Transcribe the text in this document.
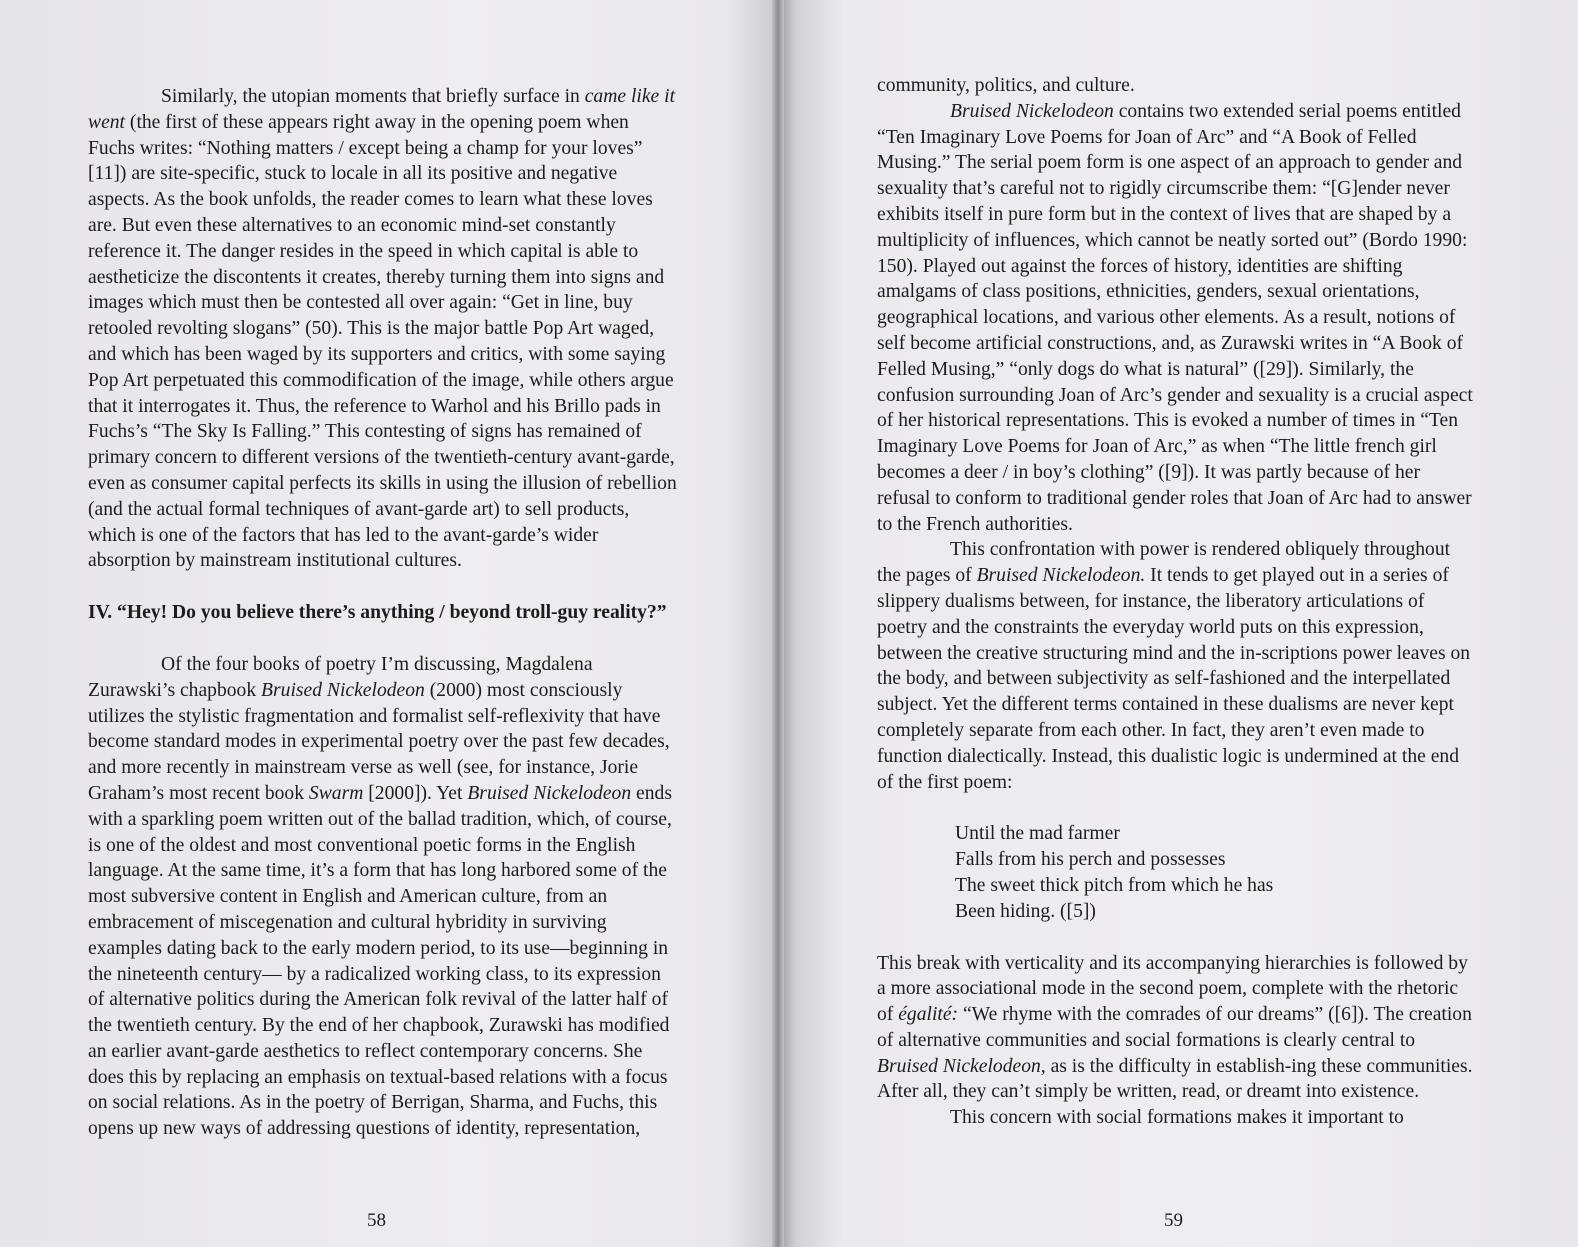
Similarly, the utopian moments that briefly surface in came like it went (the first of these appears right away in the opening poem when Fuchs writes: “Nothing matters / except being a champ for your loves” [11]) are site-specific, stuck to locale in all its positive and negative aspects. As the book unfolds, the reader comes to learn what these loves are. But even these alternatives to an economic mind-set constantly reference it. The danger resides in the speed in which capital is able to aestheticize the discontents it creates, thereby turning them into signs and images which must then be contested all over again: “Get in line, buy retooled revolting slogans” (50). This is the major battle Pop Art waged, and which has been waged by its supporters and critics, with some saying Pop Art perpetuated this commodification of the image, while others argue that it interrogates it. Thus, the reference to Warhol and his Brillo pads in Fuchs’s “The Sky Is Falling.” This contesting of signs has remained of primary concern to different versions of the twentieth-century avant-garde, even as consumer capital perfects its skills in using the illusion of rebellion (and the actual formal techniques of avant-garde art) to sell products, which is one of the factors that has led to the avant-garde’s wider absorption by mainstream institutional cultures.

IV. “Hey! Do you believe there’s anything / beyond troll-guy reality?”

Of the four books of poetry I’m discussing, Magdalena Zurawski’s chapbook Bruised Nickelodeon (2000) most consciously utilizes the stylistic fragmentation and formalist self-reflexivity that have become standard modes in experimental poetry over the past few decades, and more recently in mainstream verse as well (see, for instance, Jorie Graham’s most recent book Swarm [2000]). Yet Bruised Nickelodeon ends with a sparkling poem written out of the ballad tradition, which, of course, is one of the oldest and most conventional poetic forms in the English language. At the same time, it’s a form that has long harbored some of the most subversive content in English and American culture, from an embracement of miscegenation and cultural hybridity in surviving examples dating back to the early modern period, to its use—beginning in the nineteenth century— by a radicalized working class, to its expression of alternative politics during the American folk revival of the latter half of the twentieth century. By the end of her chapbook, Zurawski has modified an earlier avant-garde aesthetics to reflect contemporary concerns. She does this by replacing an emphasis on textual-based relations with a focus on social relations. As in the poetry of Berrigan, Sharma, and Fuchs, this opens up new ways of addressing questions of identity, representation,

58

community, politics, and culture.

Bruised Nickelodeon contains two extended serial poems entitled “Ten Imaginary Love Poems for Joan of Arc” and “A Book of Felled Musing.” The serial poem form is one aspect of an approach to gender and sexuality that’s careful not to rigidly circumscribe them: “[G]ender never exhibits itself in pure form but in the context of lives that are shaped by a multiplicity of influences, which cannot be neatly sorted out” (Bordo 1990: 150). Played out against the forces of history, identities are shifting amalgams of class positions, ethnicities, genders, sexual orientations, geographical locations, and various other elements. As a result, notions of self become artificial constructions, and, as Zurawski writes in “A Book of Felled Musing,” “only dogs do what is natural” ([29]). Similarly, the confusion surrounding Joan of Arc’s gender and sexuality is a crucial aspect of her historical representations. This is evoked a number of times in “Ten Imaginary Love Poems for Joan of Arc,” as when “The little french girl becomes a deer / in boy’s clothing” ([9]). It was partly because of her refusal to conform to traditional gender roles that Joan of Arc had to answer to the French authorities.

This confrontation with power is rendered obliquely throughout the pages of Bruised Nickelodeon. It tends to get played out in a series of slippery dualisms between, for instance, the liberatory articulations of poetry and the constraints the everyday world puts on this expression, between the creative structuring mind and the in-scriptions power leaves on the body, and between subjectivity as self-fashioned and the interpellated subject. Yet the different terms contained in these dualisms are never kept completely separate from each other. In fact, they aren’t even made to function dialectically. Instead, this dualistic logic is undermined at the end of the first poem:

Until the mad farmer
Falls from his perch and possesses
The sweet thick pitch from which he has
Been hiding. ([5])

This break with verticality and its accompanying hierarchies is followed by a more associational mode in the second poem, complete with the rhetoric of égalité: “We rhyme with the comrades of our dreams” ([6]). The creation of alternative communities and social formations is clearly central to Bruised Nickelodeon, as is the difficulty in establish-ing these communities. After all, they can’t simply be written, read, or dreamt into existence.

This concern with social formations makes it important to

59
